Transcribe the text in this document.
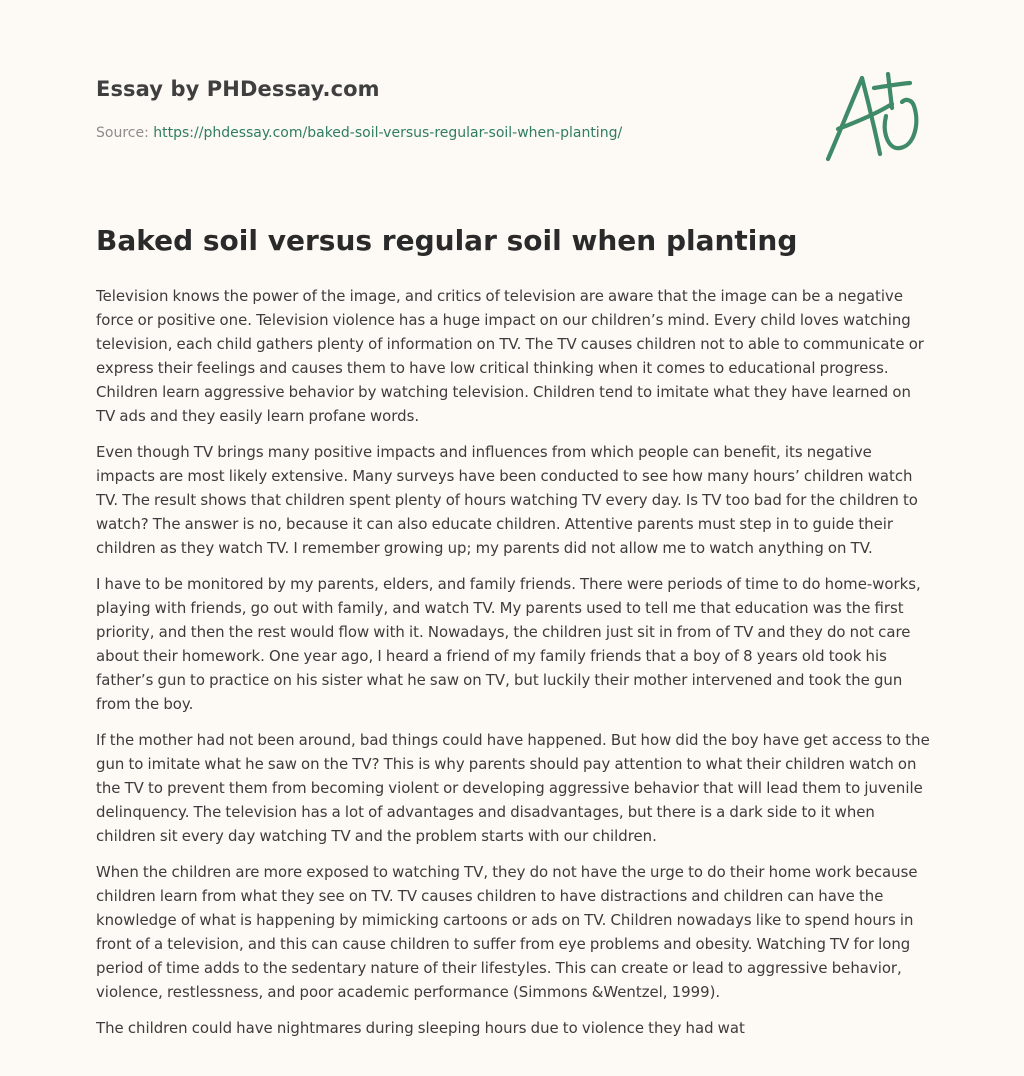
Essay by PHDessay.com
Source: https://phdessay.com/baked-soil-versus-regular-soil-when-planting/
Baked soil versus regular soil when planting

Television knows the power of the image, and critics of television are aware that the image can be a negative force or positive one. Television violence has a huge impact on our children’s mind. Every child loves watching television, each child gathers plenty of information on TV. The TV causes children not to able to communicate or express their feelings and causes them to have low critical thinking when it comes to educational progress. Children learn aggressive behavior by watching television. Children tend to imitate what they have learned on TV ads and they easily learn profane words.

Even though TV brings many positive impacts and influences from which people can benefit, its negative impacts are most likely extensive. Many surveys have been conducted to see how many hours’ children watch TV. The result shows that children spent plenty of hours watching TV every day. Is TV too bad for the children to watch? The answer is no, because it can also educate children. Attentive parents must step in to guide their children as they watch TV. I remember growing up; my parents did not allow me to watch anything on TV.

I have to be monitored by my parents, elders, and family friends. There were periods of time to do home-works, playing with friends, go out with family, and watch TV. My parents used to tell me that education was the first priority, and then the rest would flow with it. Nowadays, the children just sit in from of TV and they do not care about their homework. One year ago, I heard a friend of my family friends that a boy of 8 years old took his father’s gun to practice on his sister what he saw on TV, but luckily their mother intervened and took the gun from the boy.

If the mother had not been around, bad things could have happened. But how did the boy have get access to the gun to imitate what he saw on the TV? This is why parents should pay attention to what their children watch on the TV to prevent them from becoming violent or developing aggressive behavior that will lead them to juvenile delinquency. The television has a lot of advantages and disadvantages, but there is a dark side to it when children sit every day watching TV and the problem starts with our children.

When the children are more exposed to watching TV, they do not have the urge to do their home work because children learn from what they see on TV. TV causes children to have distractions and children can have the knowledge of what is happening by mimicking cartoons or ads on TV. Children nowadays like to spend hours in front of a television, and this can cause children to suffer from eye problems and obesity. Watching TV for long period of time adds to the sedentary nature of their lifestyles. This can create or lead to aggressive behavior, violence, restlessness, and poor academic performance (Simmons &Wentzel, 1999).

The children could have nightmares during sleeping hours due to violence they had wat
